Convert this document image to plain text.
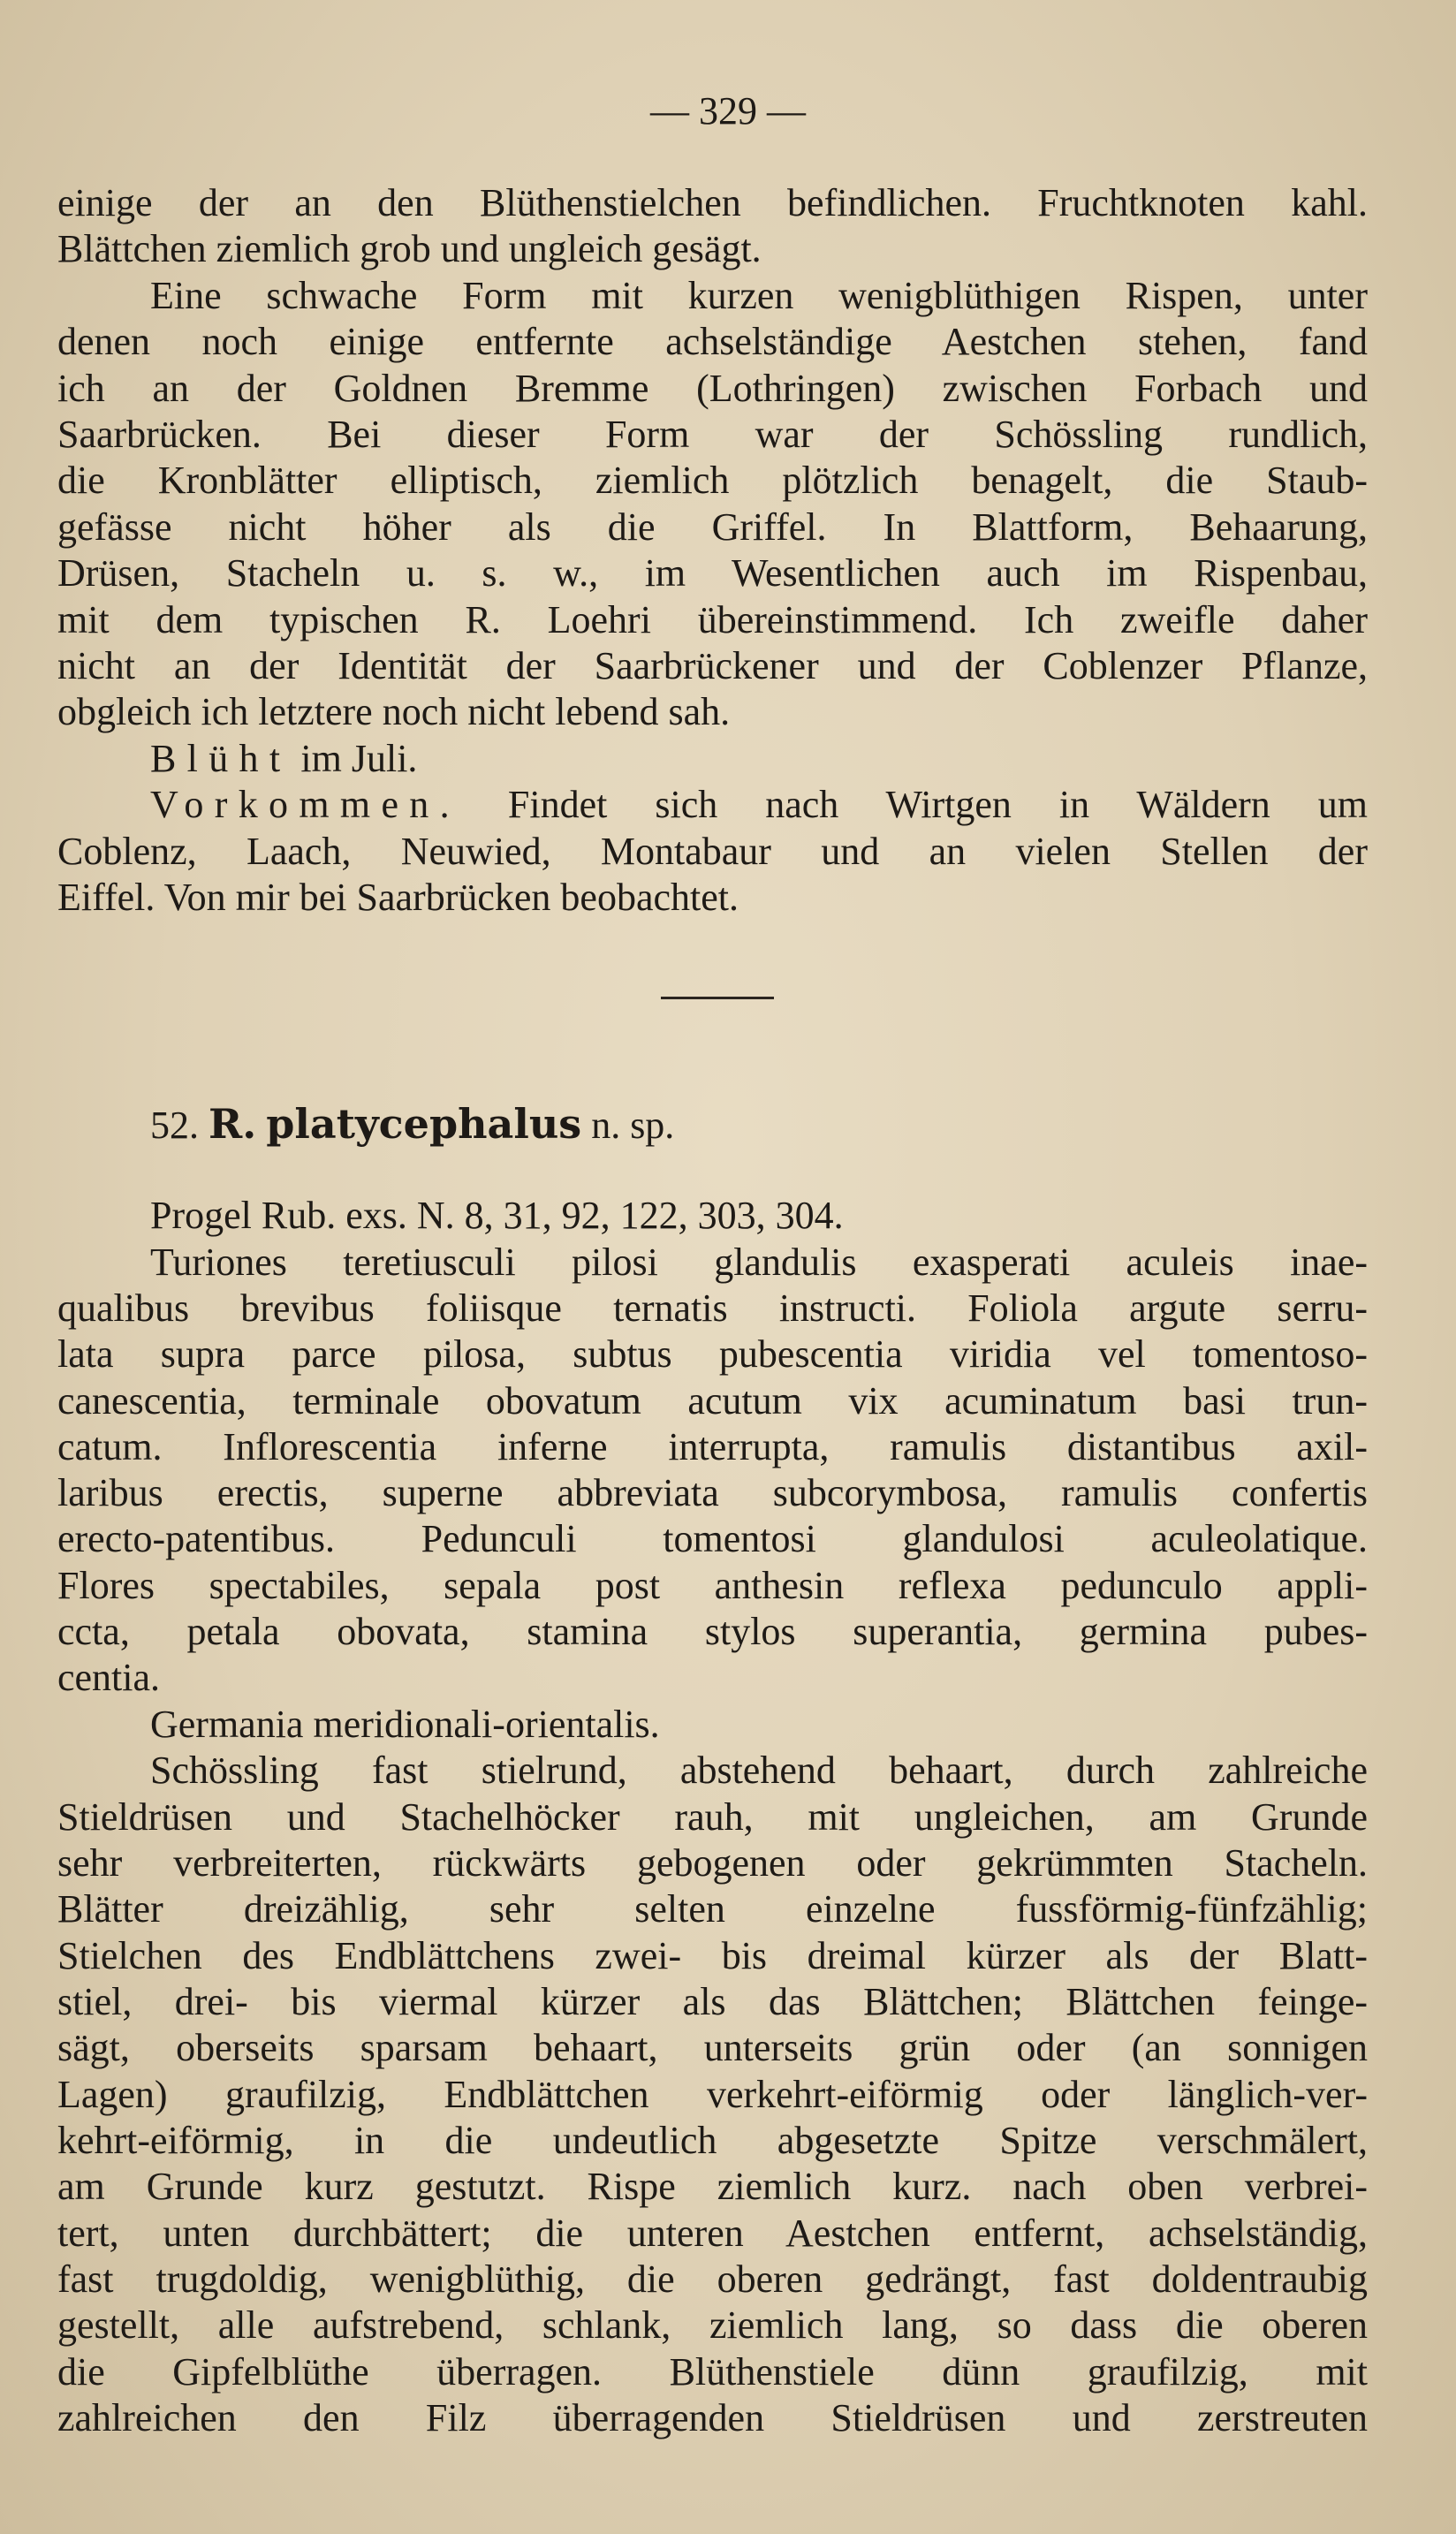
— 329 —
einige der an den Blüthenstielchen befindlichen. Fruchtknoten kahl.
Blättchen ziemlich grob und ungleich gesägt.
Eine schwache Form mit kurzen wenigblüthigen Rispen, unter
denen noch einige entfernte achselständige Aestchen stehen, fand
ich an der Goldnen Bremme (Lothringen) zwischen Forbach und
Saarbrücken. Bei dieser Form war der Schössling rundlich,
die Kronblätter elliptisch, ziemlich plötzlich benagelt, die Staub-
gefässe nicht höher als die Griffel. In Blattform, Behaarung,
Drüsen, Stacheln u. s. w., im Wesentlichen auch im Rispenbau,
mit dem typischen R. Loehri übereinstimmend. Ich zweifle daher
nicht an der Identität der Saarbrückener und der Coblenzer Pflanze,
obgleich ich letztere noch nicht lebend sah.
Blüht im Juli.
Vorkommen. Findet sich nach Wirtgen in Wäldern um
Coblenz, Laach, Neuwied, Montabaur und an vielen Stellen der
Eiffel. Von mir bei Saarbrücken beobachtet.
52. R. platycephalus n. sp.
Progel Rub. exs. N. 8, 31, 92, 122, 303, 304.
Turiones teretiusculi pilosi glandulis exasperati aculeis inae-
qualibus brevibus foliisque ternatis instructi. Foliola argute serru-
lata supra parce pilosa, subtus pubescentia viridia vel tomentoso-
canescentia, terminale obovatum acutum vix acuminatum basi trun-
catum. Inflorescentia inferne interrupta, ramulis distantibus axil-
laribus erectis, superne abbreviata subcorymbosa, ramulis confertis
erecto-patentibus. Pedunculi tomentosi glandulosi aculeolatique.
Flores spectabiles, sepala post anthesin reflexa pedunculo appli-
ccta, petala obovata, stamina stylos superantia, germina pubes-
centia.
Germania meridionali-orientalis.
Schössling fast stielrund, abstehend behaart, durch zahlreiche
Stieldrüsen und Stachelhöcker rauh, mit ungleichen, am Grunde
sehr verbreiterten, rückwärts gebogenen oder gekrümmten Stacheln.
Blätter dreizählig, sehr selten einzelne fussförmig-fünfzählig;
Stielchen des Endblättchens zwei- bis dreimal kürzer als der Blatt-
stiel, drei- bis viermal kürzer als das Blättchen; Blättchen feinge-
sägt, oberseits sparsam behaart, unterseits grün oder (an sonnigen
Lagen) graufilzig, Endblättchen verkehrt-eiförmig oder länglich-ver-
kehrt-eiförmig, in die undeutlich abgesetzte Spitze verschmälert,
am Grunde kurz gestutzt. Rispe ziemlich kurz. nach oben verbrei-
tert, unten durchbättert; die unteren Aestchen entfernt, achselständig,
fast trugdoldig, wenigblüthig, die oberen gedrängt, fast doldentraubig
gestellt, alle aufstrebend, schlank, ziemlich lang, so dass die oberen
die Gipfelblüthe überragen. Blüthenstiele dünn graufilzig, mit
zahlreichen den Filz überragenden Stieldrüsen und zerstreuten
